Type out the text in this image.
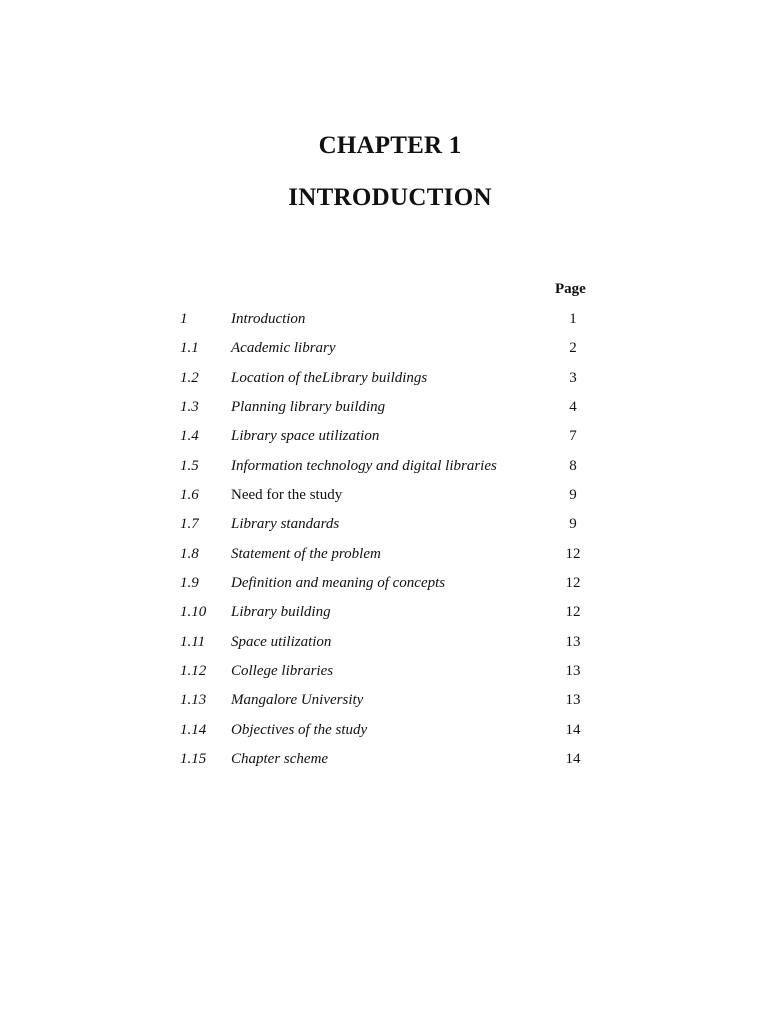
CHAPTER 1
INTRODUCTION
Page
1	Introduction	1
1.1 Academic library	2
1.2 Location of theLibrary buildings	3
1.3 Planning library building	4
1.4 Library space utilization	7
1.5 Information technology and digital libraries	8
1.6 Need for the study	9
1.7 Library standards	9
1.8 Statement of the problem	12
1.9 Definition and meaning of concepts	12
1.10 Library building	12
1.11 Space utilization	13
1.12 College libraries	13
1.13 Mangalore University	13
1.14 Objectives of the study	14
1.15 Chapter scheme	14
